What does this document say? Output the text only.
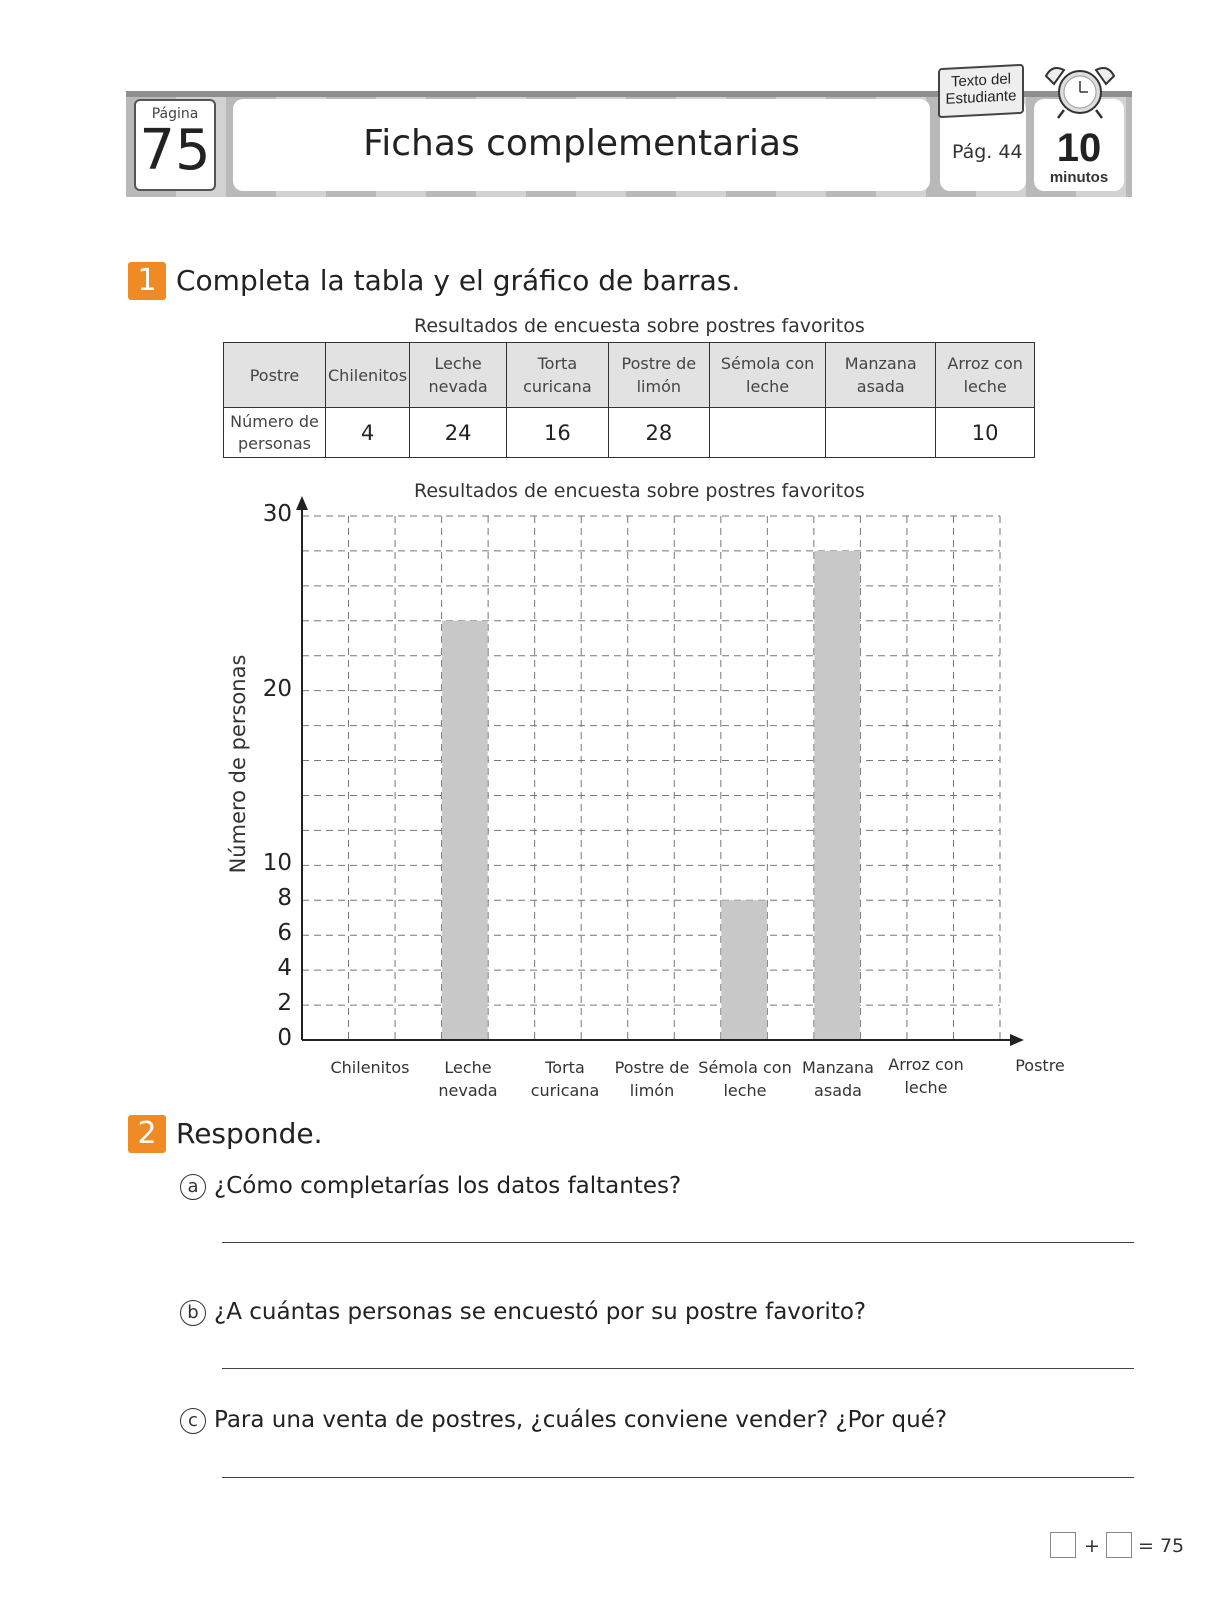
Página
75	Fichas complementarias	Pág. 44
Texto del
Estudiante
10
minutos
1 Completa la tabla y el gráfico de barras.
Resultados de encuesta sobre postres favoritos
Postre	Chilenitos	Leche nevada	Torta curicana	Postre de limón	Sémola con leche	Manzana asada	Arroz con leche
Número de personas	4	24	16	28			10
Resultados de encuesta sobre postres favoritos
Número de personas
0
2
4
6
8
10
20
30
Chilenitos	Leche nevada
Torta curicana
Postre de limón
Sémola con leche
Manzana asada
Arroz con leche
Postre
2 Responde.
a ¿Cómo completarías los datos faltantes?
b ¿A cuántas personas se encuestó por su postre favorito?
c Para una venta de postres, ¿cuáles conviene vender? ¿Por qué?
+ = 75
